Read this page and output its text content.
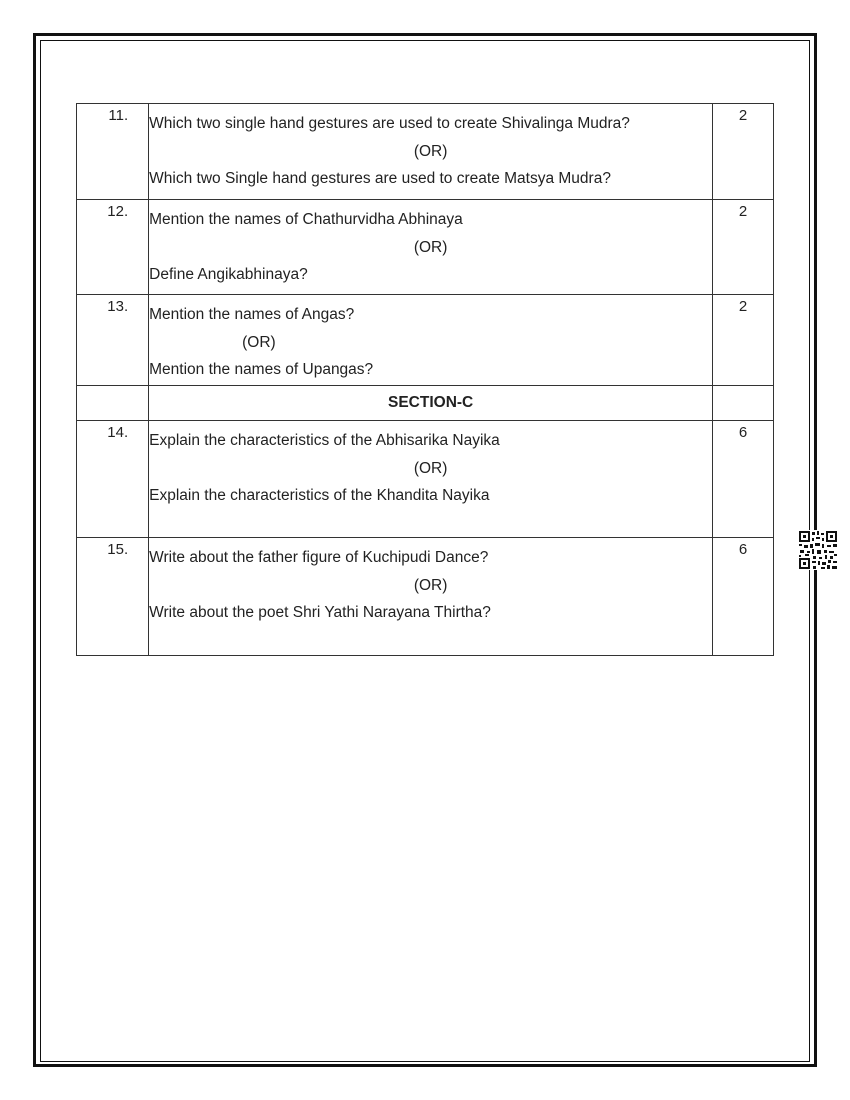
11.	Which two single hand gestures are used to create Shivalinga Mudra?
(OR)
Which two Single hand gestures are used to create Matsya Mudra?	2

12.	Mention the names of Chathurvidha Abhinaya
(OR)
Define Angikabhinaya?	2

13.	Mention the names of Angas?
(OR)
Mention the names of Upangas?	2

	SECTION-C	

14.	Explain the characteristics of the Abhisarika Nayika
(OR)
Explain the characteristics of the Khandita Nayika	6

15.	Write about the father figure of Kuchipudi Dance?
(OR)
Write about the poet Shri Yathi Narayana Thirtha?	6
